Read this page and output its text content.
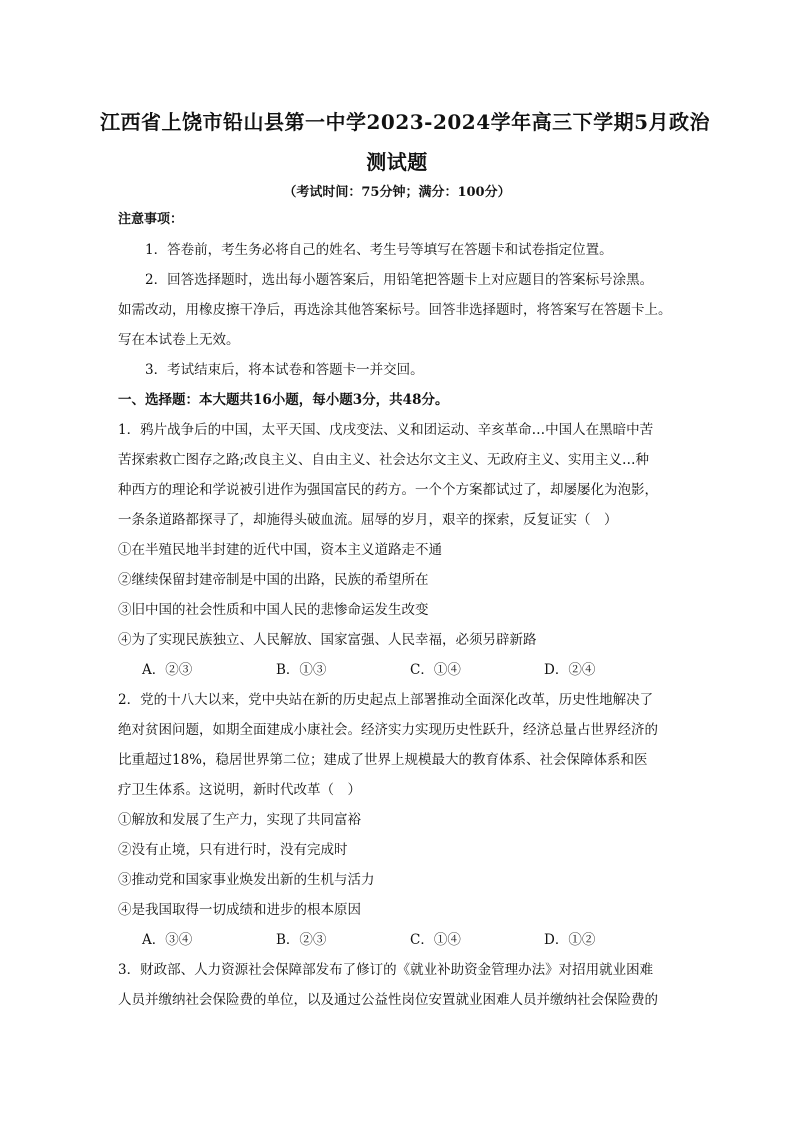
江西省上饶市铅山县第一中学2023-2024学年高三下学期5月政治
测试题
（考试时间：75分钟；满分：100分）

注意事项：

1．答卷前，考生务必将自己的姓名、考生号等填写在答题卡和试卷指定位置。

2．回答选择题时，选出每小题答案后，用铅笔把答题卡上对应题目的答案标号涂黑。

如需改动，用橡皮擦干净后，再选涂其他答案标号。回答非选择题时，将答案写在答题卡上。

写在本试卷上无效。

3．考试结束后，将本试卷和答题卡一并交回。

一、选择题：本大题共16小题，每小题3分，共48分。

1．鸦片战争后的中国，太平天国、戊戌变法、义和团运动、辛亥革命…中国人在黑暗中苦

苦探索救亡图存之路;改良主义、自由主义、社会达尔文主义、无政府主义、实用主义…种

种西方的理论和学说被引进作为强国富民的药方。一个个方案都试过了，却屡屡化为泡影，

一条条道路都探寻了，却施得头破血流。屈辱的岁月，艰辛的探索，反复证实（　）

①在半殖民地半封建的近代中国，资本主义道路走不通

②继续保留封建帝制是中国的出路，民族的希望所在

③旧中国的社会性质和中国人民的悲惨命运发生改变

④为了实现民族独立、人民解放、国家富强、人民幸福，必须另辟新路

A．②③	B．①③	C．①④	D．②④

2．党的十八大以来，党中央站在新的历史起点上部署推动全面深化改革，历史性地解决了

绝对贫困问题，如期全面建成小康社会。经济实力实现历史性跃升，经济总量占世界经济的

比重超过18%，稳居世界第二位；建成了世界上规模最大的教育体系、社会保障体系和医

疗卫生体系。这说明，新时代改革（　）

①解放和发展了生产力，实现了共同富裕

②没有止境，只有进行时，没有完成时

③推动党和国家事业焕发出新的生机与活力

④是我国取得一切成绩和进步的根本原因

A．③④	B．②③	C．①④	D．①②

3．财政部、人力资源社会保障部发布了修订的《就业补助资金管理办法》对招用就业困难

人员并缴纳社会保险费的单位，以及通过公益性岗位安置就业困难人员并缴纳社会保险费的
